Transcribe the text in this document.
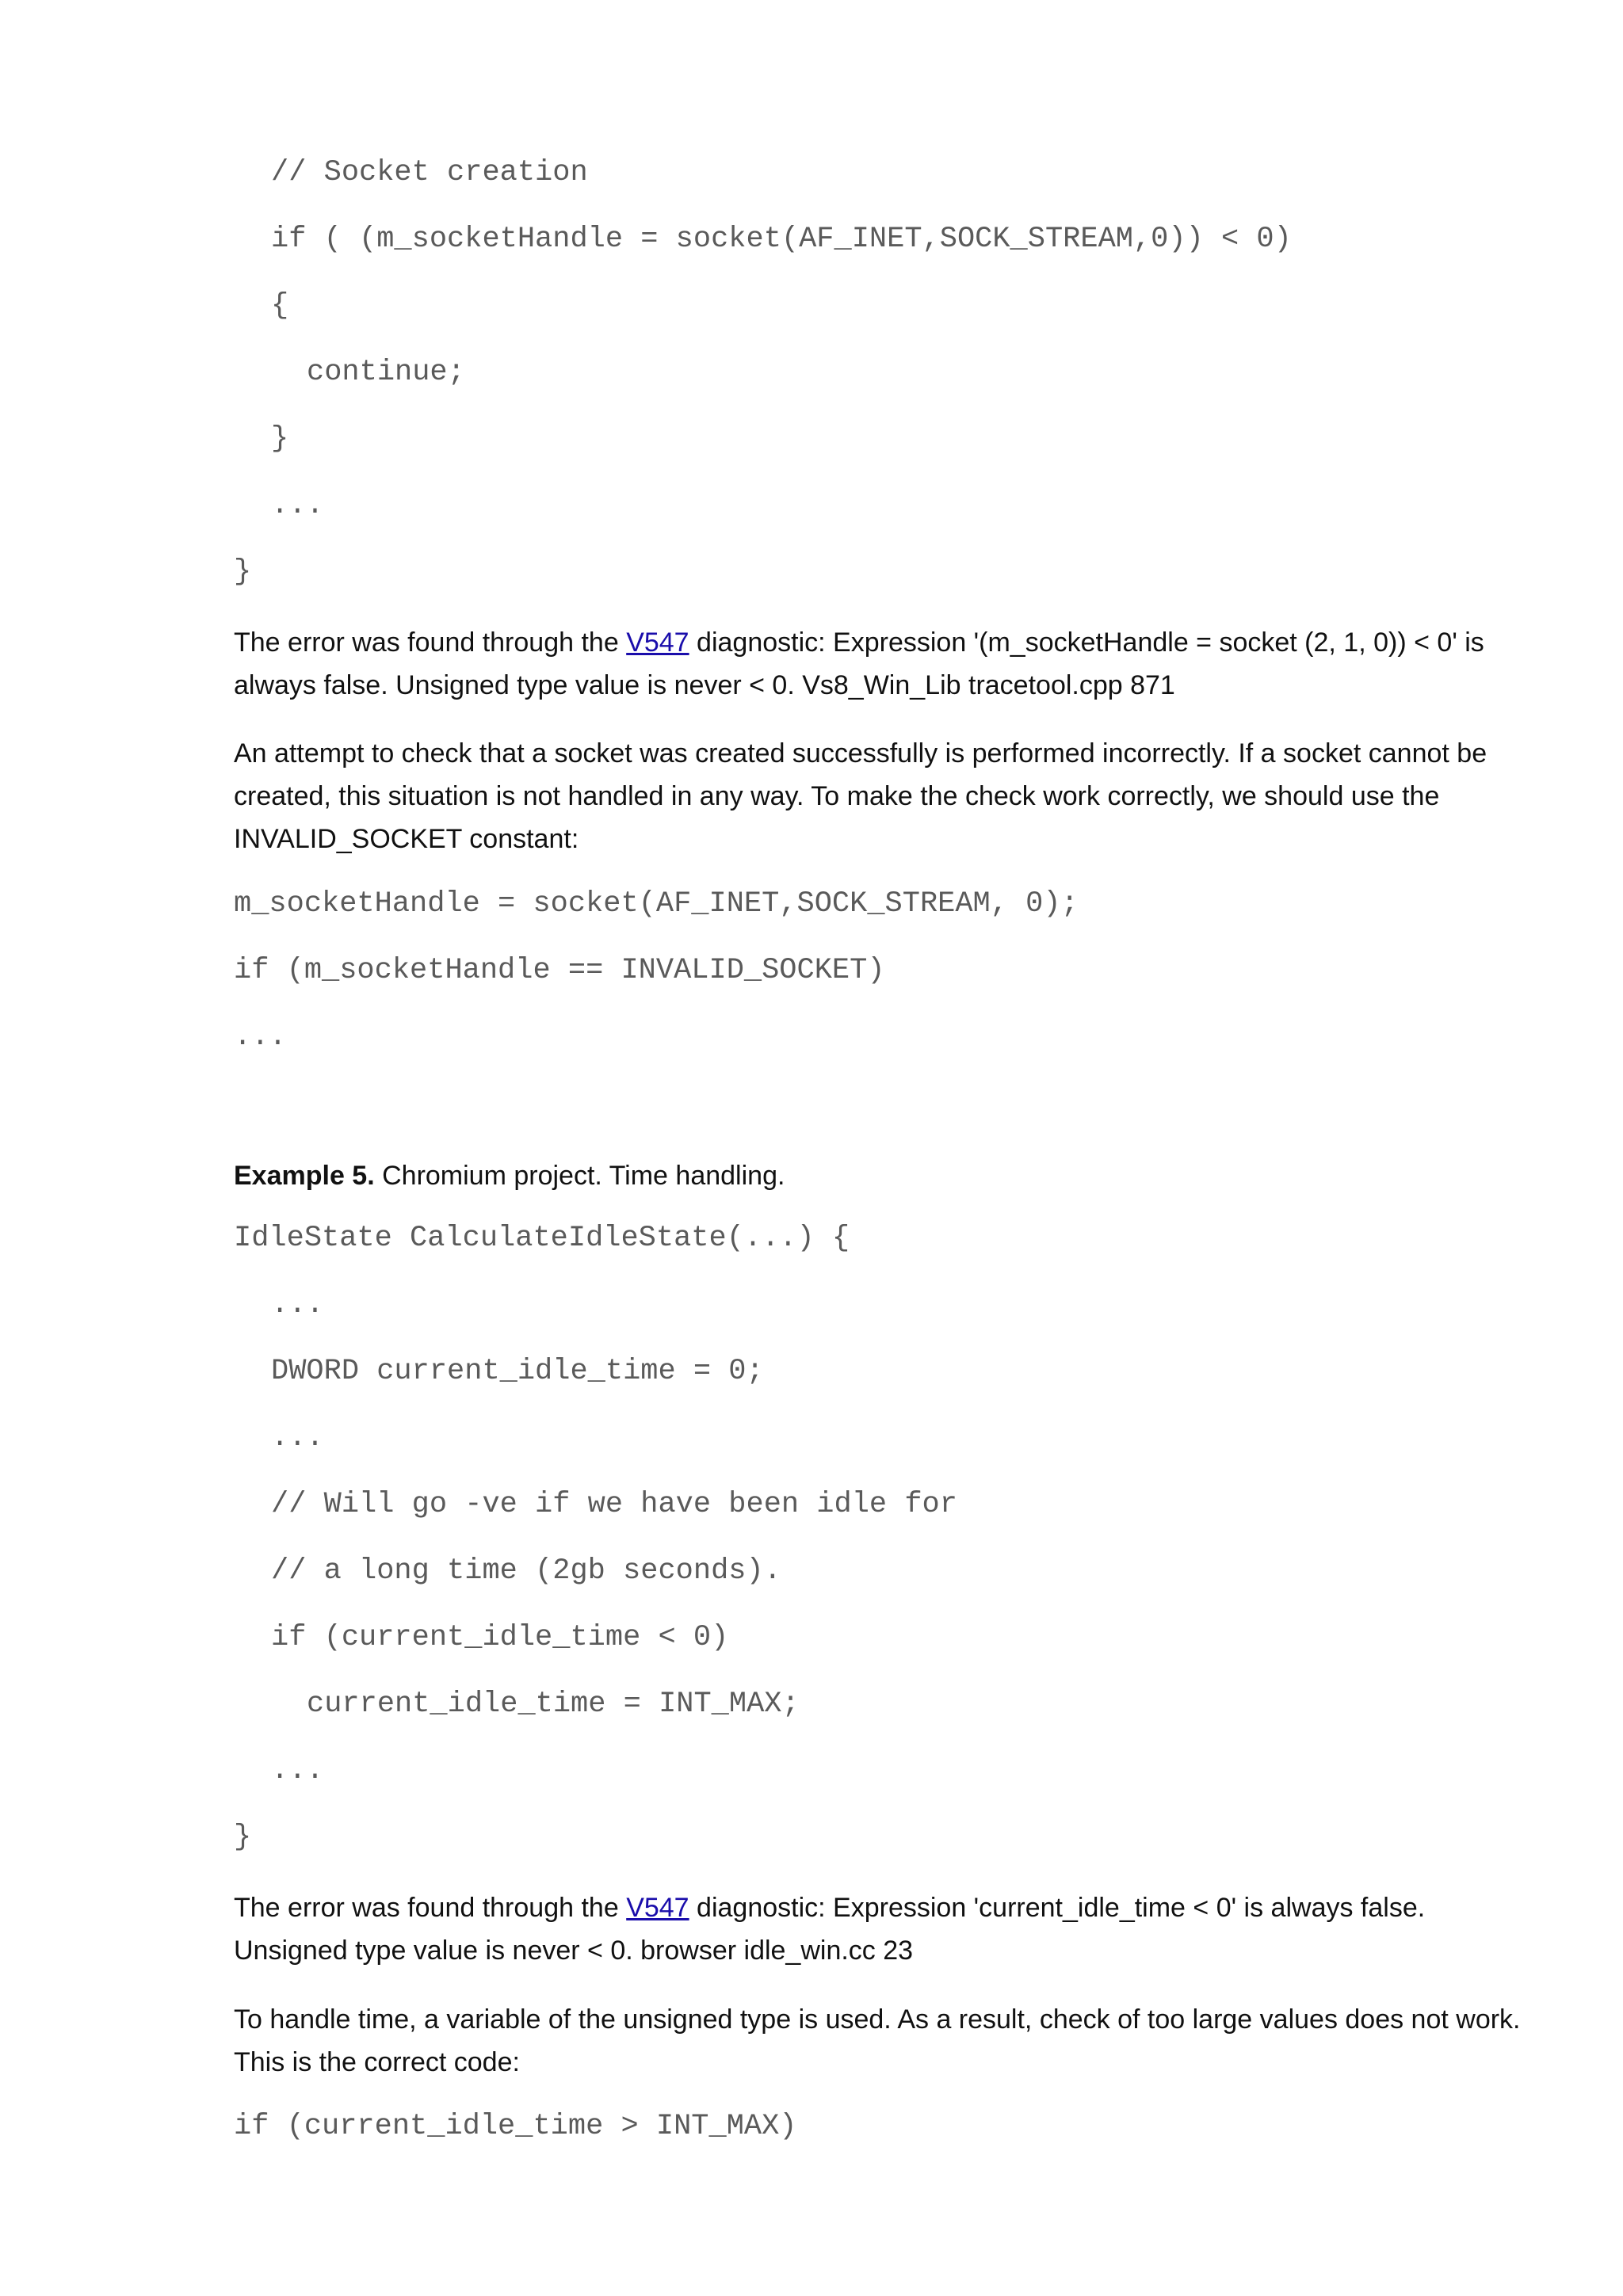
// Socket creation
if ( (m_socketHandle = socket(AF_INET,SOCK_STREAM,0)) < 0)
{
continue;
}
...
}

The error was found through the V547 diagnostic: Expression '(m_socketHandle = socket (2, 1, 0)) < 0' is always false. Unsigned type value is never < 0. Vs8_Win_Lib tracetool.cpp 871

An attempt to check that a socket was created successfully is performed incorrectly. If a socket cannot be created, this situation is not handled in any way. To make the check work correctly, we should use the INVALID_SOCKET constant:

m_socketHandle = socket(AF_INET,SOCK_STREAM, 0);
if (m_socketHandle == INVALID_SOCKET)
...

Example 5. Chromium project. Time handling.

IdleState CalculateIdleState(...) {
...
DWORD current_idle_time = 0;
...
// Will go -ve if we have been idle for
// a long time (2gb seconds).
if (current_idle_time < 0)
current_idle_time = INT_MAX;
...
}

The error was found through the V547 diagnostic: Expression 'current_idle_time < 0' is always false. Unsigned type value is never < 0. browser idle_win.cc 23

To handle time, a variable of the unsigned type is used. As a result, check of too large values does not work. This is the correct code:

if (current_idle_time > INT_MAX)
